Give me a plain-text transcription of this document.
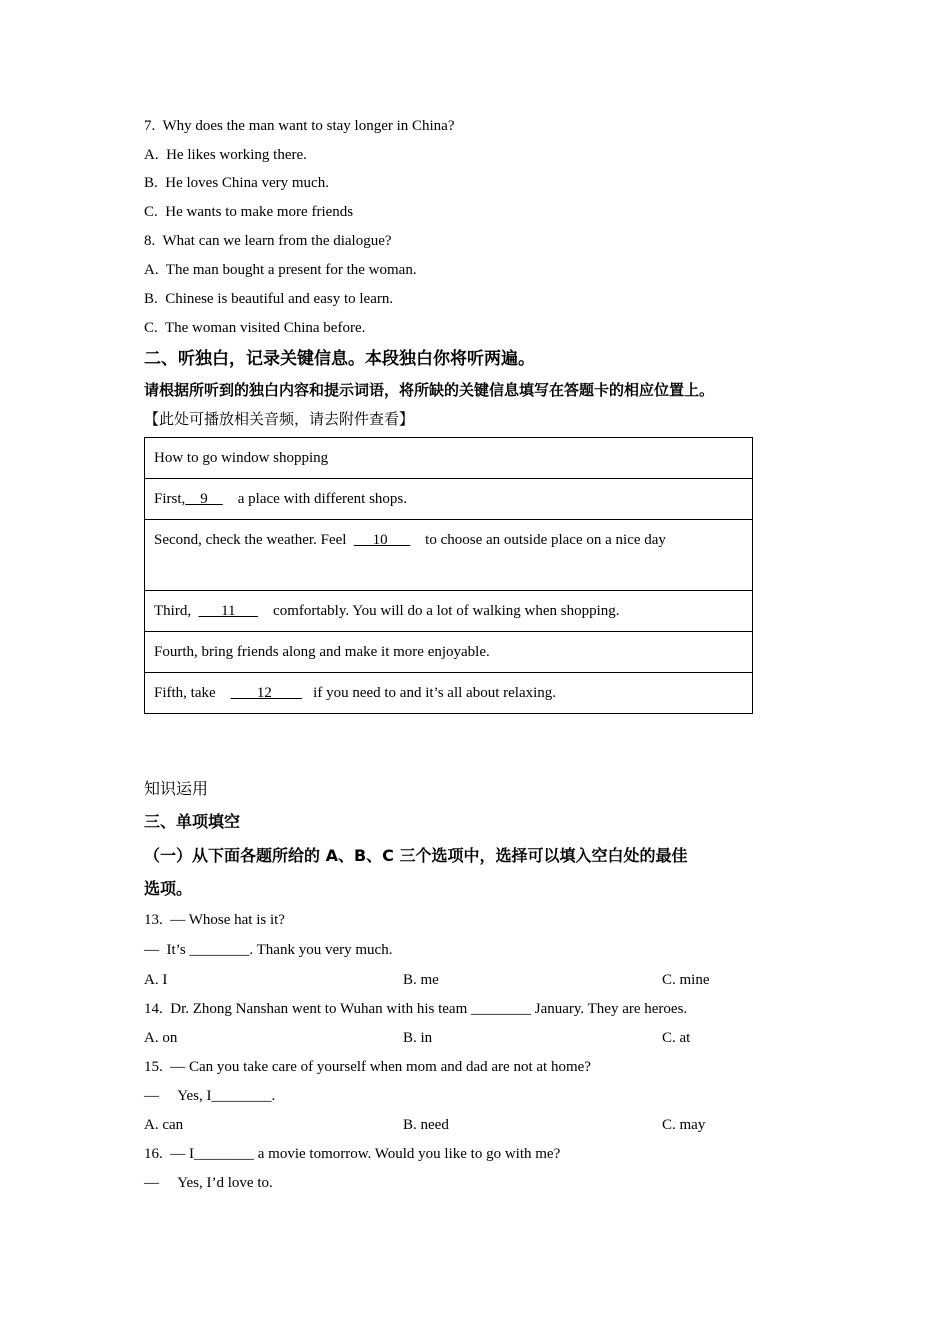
7.  Why does the man want to stay longer in China?
A.  He likes working there.
B.  He loves China very much.
C.  He wants to make more friends
8.  What can we learn from the dialogue?
A.  The man bought a present for the woman.
B.  Chinese is beautiful and easy to learn.
C.  The woman visited China before.
二、听独白，记录关键信息。本段独白你将听两遍。
请根据所听到的独白内容和提示词语，将所缺的关键信息填写在答题卡的相应位置上。
【此处可播放相关音频，请去附件查看】
How to go window shopping
First,    9        a place with different shops.
Second, check the weather. Feel       10          to choose an outside place on a nice day
Third,        11          comfortably. You will do a lot of walking when shopping.
Fourth, bring friends along and make it more enjoyable.
Fifth, take           12           if you need to and it’s all about relaxing.
知识运用
三、单项填空
（一）从下面各题所给的 A、B、C 三个选项中，选择可以填入空白处的最佳
选项。
13.  — Whose hat is it?
—  It’s ________. Thank you very much.
A. I	B. me	C. mine
14.  Dr. Zhong Nanshan went to Wuhan with his team ________ January. They are heroes.
A. on	B. in	C. at
15.  — Can you take care of yourself when mom and dad are not at home?
—     Yes, I________.
A. can	B. need	C. may
16.  — I________ a movie tomorrow. Would you like to go with me?
—     Yes, I’d love to.
